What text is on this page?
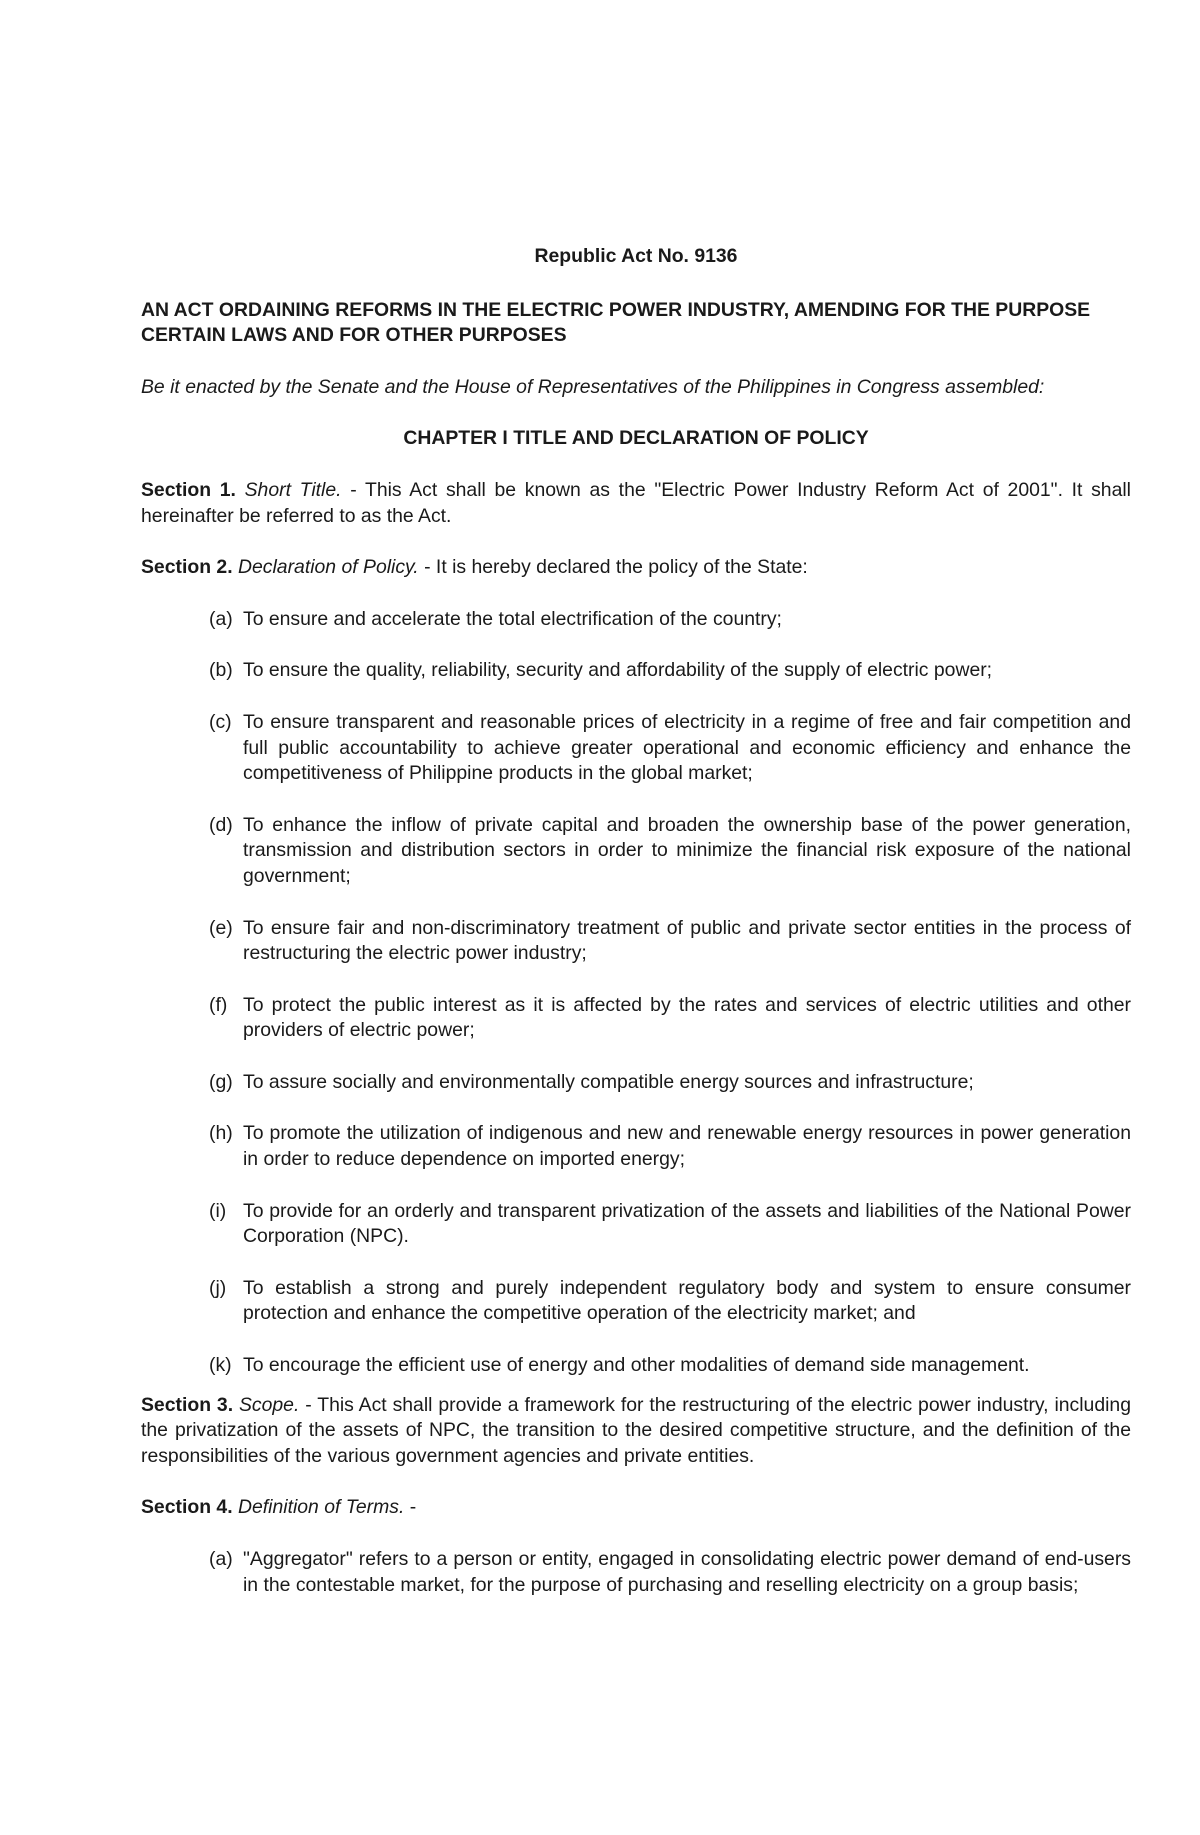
Republic Act No. 9136
AN ACT ORDAINING REFORMS IN THE ELECTRIC POWER INDUSTRY, AMENDING FOR THE PURPOSE CERTAIN LAWS AND FOR OTHER PURPOSES
Be it enacted by the Senate and the House of Representatives of the Philippines in Congress assembled:
CHAPTER I TITLE AND DECLARATION OF POLICY

Section 1. Short Title. - This Act shall be known as the "Electric Power Industry Reform Act of 2001". It shall hereinafter be referred to as the Act.

Section 2. Declaration of Policy. - It is hereby declared the policy of the State:

(a) To ensure and accelerate the total electrification of the country;
(b) To ensure the quality, reliability, security and affordability of the supply of electric power;
(c) To ensure transparent and reasonable prices of electricity in a regime of free and fair competition and full public accountability to achieve greater operational and economic efficiency and enhance the competitiveness of Philippine products in the global market;
(d) To enhance the inflow of private capital and broaden the ownership base of the power generation, transmission and distribution sectors in order to minimize the financial risk exposure of the national government;
(e) To ensure fair and non-discriminatory treatment of public and private sector entities in the process of restructuring the electric power industry;
(f) To protect the public interest as it is affected by the rates and services of electric utilities and other providers of electric power;
(g) To assure socially and environmentally compatible energy sources and infrastructure;
(h) To promote the utilization of indigenous and new and renewable energy resources in power generation in order to reduce dependence on imported energy;
(i) To provide for an orderly and transparent privatization of the assets and liabilities of the National Power Corporation (NPC).
(j) To establish a strong and purely independent regulatory body and system to ensure consumer protection and enhance the competitive operation of the electricity market; and
(k) To encourage the efficient use of energy and other modalities of demand side management.

Section 3. Scope. - This Act shall provide a framework for the restructuring of the electric power industry, including the privatization of the assets of NPC, the transition to the desired competitive structure, and the definition of the responsibilities of the various government agencies and private entities.

Section 4. Definition of Terms. -

(a) "Aggregator" refers to a person or entity, engaged in consolidating electric power demand of end-users in the contestable market, for the purpose of purchasing and reselling electricity on a group basis;
